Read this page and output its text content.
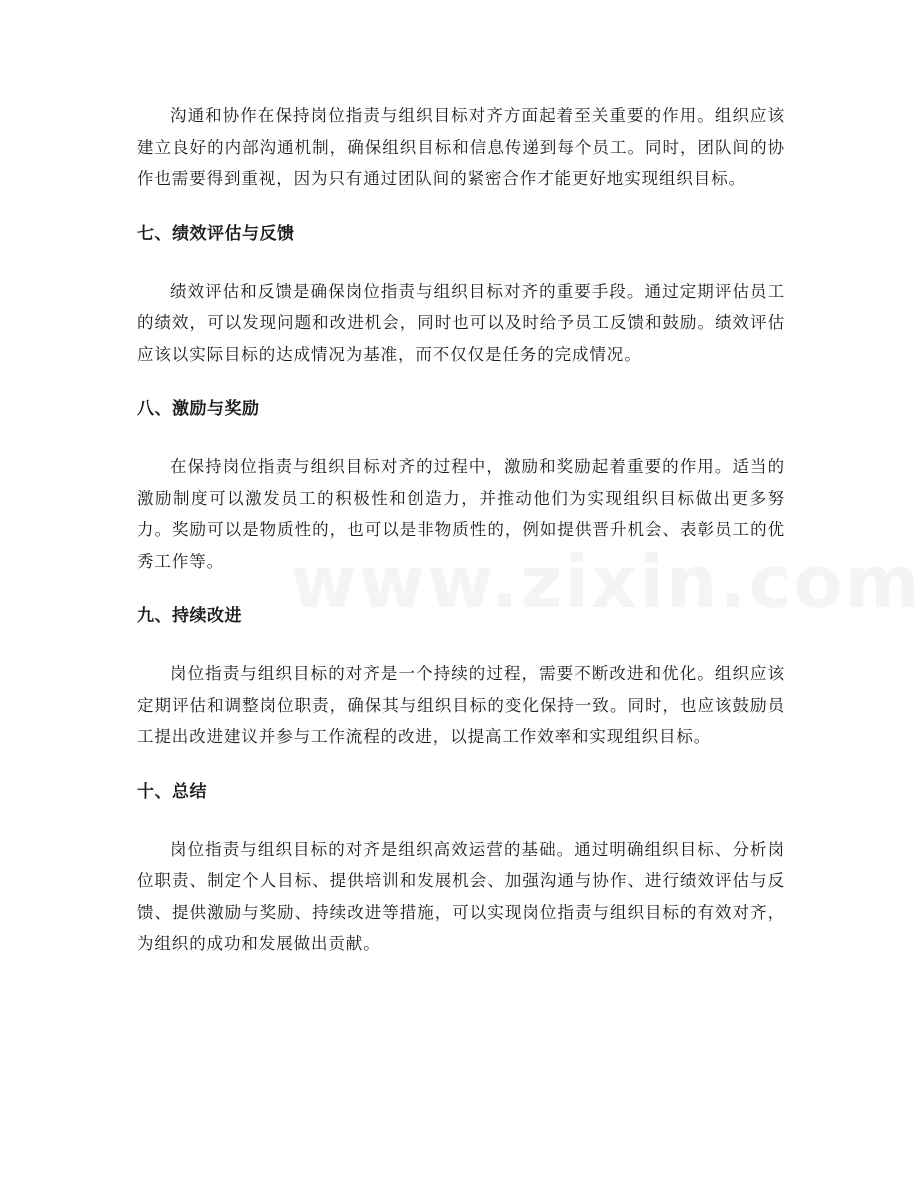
沟通和协作在保持岗位指责与组织目标对齐方面起着至关重要的作用。组织应该建立良好的内部沟通机制，确保组织目标和信息传递到每个员工。同时，团队间的协作也需要得到重视，因为只有通过团队间的紧密合作才能更好地实现组织目标。

七、绩效评估与反馈

绩效评估和反馈是确保岗位指责与组织目标对齐的重要手段。通过定期评估员工的绩效，可以发现问题和改进机会，同时也可以及时给予员工反馈和鼓励。绩效评估应该以实际目标的达成情况为基准，而不仅仅是任务的完成情况。

八、激励与奖励

在保持岗位指责与组织目标对齐的过程中，激励和奖励起着重要的作用。适当的激励制度可以激发员工的积极性和创造力，并推动他们为实现组织目标做出更多努力。奖励可以是物质性的，也可以是非物质性的，例如提供晋升机会、表彰员工的优秀工作等。

九、持续改进

岗位指责与组织目标的对齐是一个持续的过程，需要不断改进和优化。组织应该定期评估和调整岗位职责，确保其与组织目标的变化保持一致。同时，也应该鼓励员工提出改进建议并参与工作流程的改进，以提高工作效率和实现组织目标。

十、总结

岗位指责与组织目标的对齐是组织高效运营的基础。通过明确组织目标、分析岗位职责、制定个人目标、提供培训和发展机会、加强沟通与协作、进行绩效评估与反馈、提供激励与奖励、持续改进等措施，可以实现岗位指责与组织目标的有效对齐，为组织的成功和发展做出贡献。
